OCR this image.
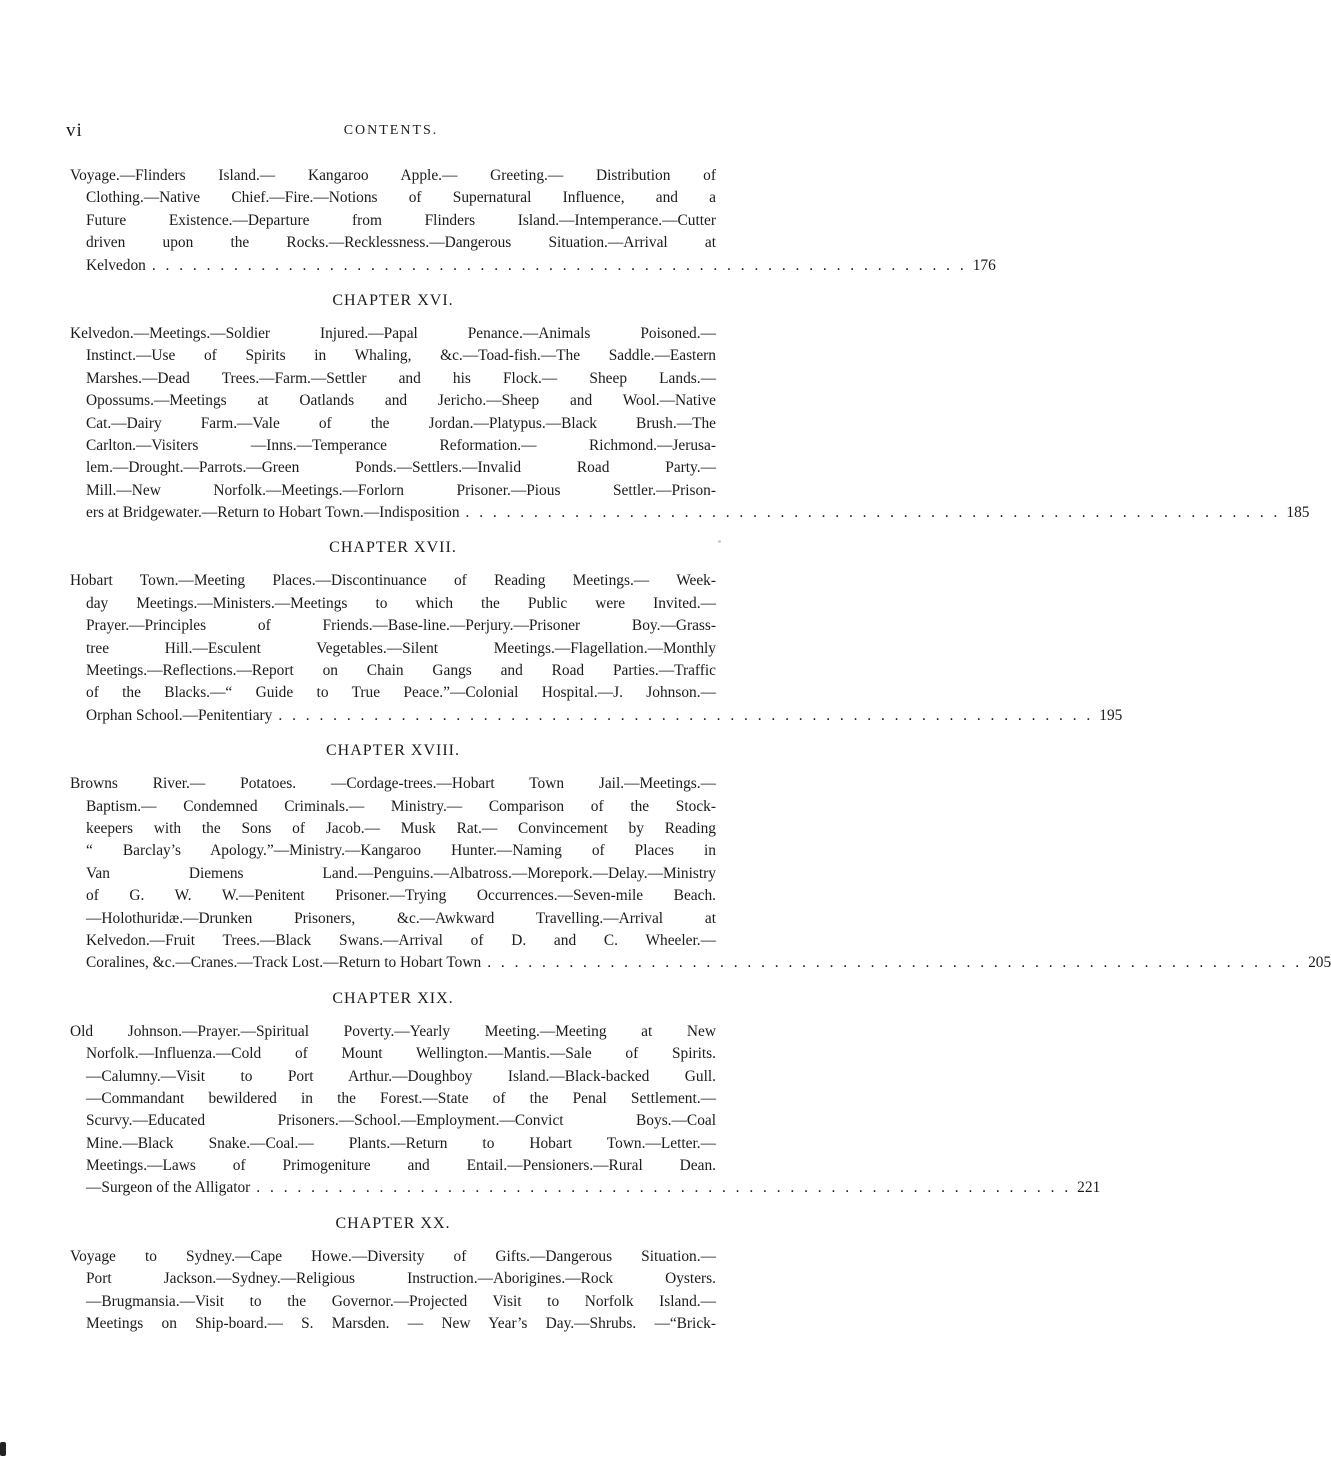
vi	CONTENTS.
Voyage.—Flinders Island.— Kangaroo Apple.— Greeting.— Distribution of
Clothing.—Native Chief.—Fire.—Notions of Supernatural Influence, and a
Future Existence.—Departure from Flinders Island.—Intemperance.—Cutter
driven upon the Rocks.—Recklessness.—Dangerous Situation.—Arrival at
Kelvedon . . . . . . . . . . . . . . . . . . . . . . . . . . . . . . . . . . . . . . . . . . . . . . . . . . . . . . . . . . . . 176
CHAPTER XVI.
Kelvedon.—Meetings.—Soldier Injured.—Papal Penance.—Animals Poisoned.—
Instinct.—Use of Spirits in Whaling, &c.—Toad-fish.—The Saddle.—Eastern
Marshes.—Dead Trees.—Farm.—Settler and his Flock.— Sheep Lands.—
Opossums.—Meetings at Oatlands and Jericho.—Sheep and Wool.—Native
Cat.—Dairy Farm.—Vale of the Jordan.—Platypus.—Black Brush.—The
Carlton.—Visiters —Inns.—Temperance Reformation.— Richmond.—Jerusa-
lem.—Drought.—Parrots.—Green Ponds.—Settlers.—Invalid Road Party.—
Mill.—New Norfolk.—Meetings.—Forlorn Prisoner.—Pious Settler.—Prison-
ers at Bridgewater.—Return to Hobart Town.—Indisposition . . . . . . . . . . . . . . . . . . . . . . . . . . . . . . . . . . . . . . . . . . . . . . . . . . . . . . . . . . . . 185
CHAPTER XVII.
Hobart Town.—Meeting Places.—Discontinuance of Reading Meetings.— Week-
day Meetings.—Ministers.—Meetings to which the Public were Invited.—
Prayer.—Principles of Friends.—Base-line.—Perjury.—Prisoner Boy.—Grass-
tree Hill.—Esculent Vegetables.—Silent Meetings.—Flagellation.—Monthly
Meetings.—Reflections.—Report on Chain Gangs and Road Parties.—Traffic
of the Blacks.—“ Guide to True Peace.”—Colonial Hospital.—J. Johnson.—
Orphan School.—Penitentiary . . . . . . . . . . . . . . . . . . . . . . . . . . . . . . . . . . . . . . . . . . . . . . . . . . . . . . . . . . . . 195
CHAPTER XVIII.
Browns River.— Potatoes. —Cordage-trees.—Hobart Town Jail.—Meetings.—
Baptism.— Condemned Criminals.— Ministry.— Comparison of the Stock-
keepers with the Sons of Jacob.— Musk Rat.— Convincement by Reading
“ Barclay’s Apology.”—Ministry.—Kangaroo Hunter.—Naming of Places in
Van Diemens Land.—Penguins.—Albatross.—Morepork.—Delay.—Ministry
of G. W. W.—Penitent Prisoner.—Trying Occurrences.—Seven-mile Beach.
—Holothuridæ.—Drunken Prisoners, &c.—Awkward Travelling.—Arrival at
Kelvedon.—Fruit Trees.—Black Swans.—Arrival of D. and C. Wheeler.—
Coralines, &c.—Cranes.—Track Lost.—Return to Hobart Town . . . . . . . . . . . . . . . . . . . . . . . . . . . . . . . . . . . . . . . . . . . . . . . . . . . . . . . . . . . . 205
CHAPTER XIX.
Old Johnson.—Prayer.—Spiritual Poverty.—Yearly Meeting.—Meeting at New
Norfolk.—Influenza.—Cold of Mount Wellington.—Mantis.—Sale of Spirits.
—Calumny.—Visit to Port Arthur.—Doughboy Island.—Black-backed Gull.
—Commandant bewildered in the Forest.—State of the Penal Settlement.—
Scurvy.—Educated Prisoners.—School.—Employment.—Convict Boys.—Coal
Mine.—Black Snake.—Coal.— Plants.—Return to Hobart Town.—Letter.—
Meetings.—Laws of Primogeniture and Entail.—Pensioners.—Rural Dean.
—Surgeon of the Alligator . . . . . . . . . . . . . . . . . . . . . . . . . . . . . . . . . . . . . . . . . . . . . . . . . . . . . . . . . . . . 221
CHAPTER XX.
Voyage to Sydney.—Cape Howe.—Diversity of Gifts.—Dangerous Situation.—
Port Jackson.—Sydney.—Religious Instruction.—Aborigines.—Rock Oysters.
—Brugmansia.—Visit to the Governor.—Projected Visit to Norfolk Island.—
Meetings on Ship-board.— S. Marsden. — New Year’s Day.—Shrubs. —“Brick-
